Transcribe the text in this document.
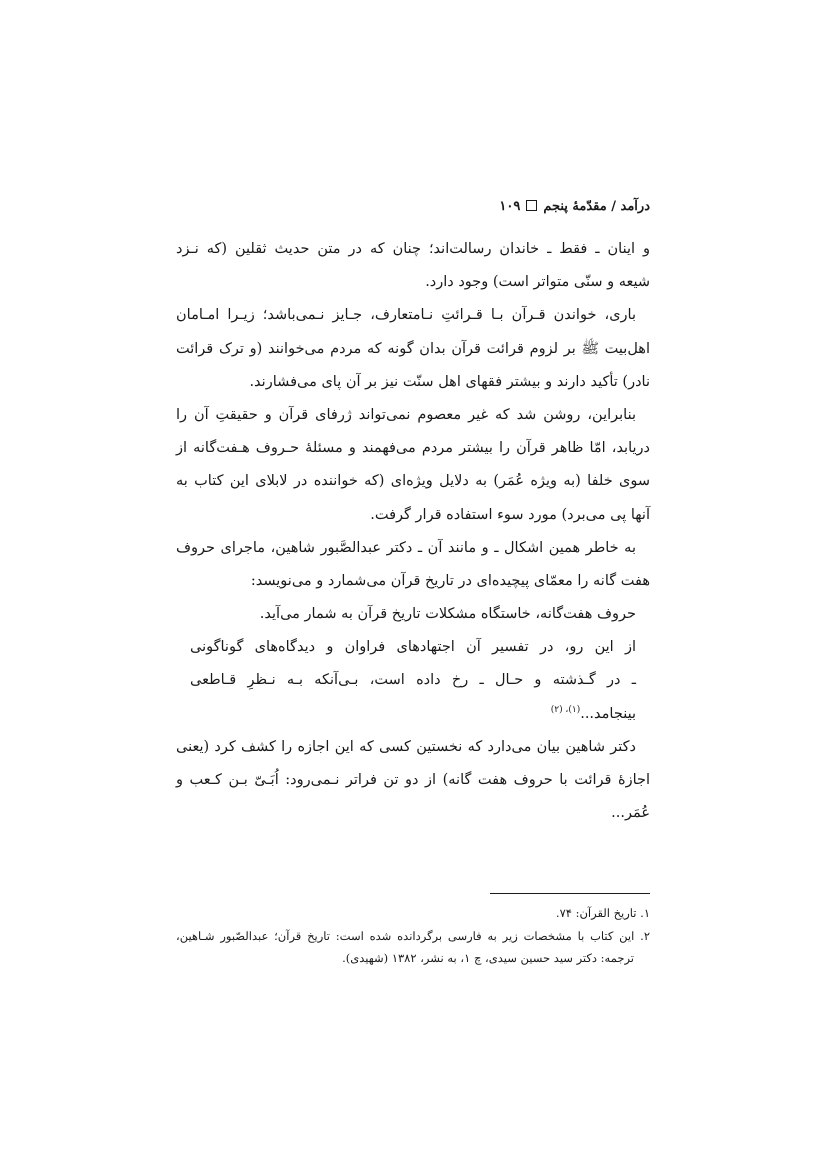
درآمد / مقدّمهٔ پنجم۱۰۹
و اینان ـ فقط ـ خاندان رسالت‌اند؛ چنان که در متن حدیث ثقلین (که نـزد
شیعه و سنّی متواتر است) وجود دارد.
باری، خواندن قـرآن بـا قـرائتِ نـامتعارف، جـایز نـمی‌باشد؛ زیـرا امـامان
اهل‌بیت ﷺ بر لزوم قرائت قرآن بدان گونه که مردم می‌خوانند (و ترک قرائت
نادر) تأکید دارند و بیشتر فقهای اهل سنّت نیز بر آن پای می‌فشارند.
بنابراین، روشن شد که غیر معصوم نمی‌تواند ژرفای قرآن و حقیقتِ آن را
دریابد، امّا ظاهر قرآن را بیشتر مردم می‌فهمند و مسئلهٔ حـروف هـفت‌گانه از
سوی خلفا (به ویژه عُمَر) به دلایل ویژه‌ای (که خواننده در لابلای این کتاب به
آنها پی می‌برد) مورد سوء استفاده قرار گرفت.
به خاطر همین اشکال ـ و مانند آن ـ دکتر عبدالصَّبور شاهین، ماجرای حروف
هفت گانه را معمّای پیچیده‌ای در تاریخ قرآن می‌شمارد و می‌نویسد:
حروف هفت‌گانه، خاستگاه مشکلات تاریخ قرآن به شمار می‌آید.
از این رو، در تفسیر آن اجتهادهای فراوان و دیدگاه‌های گوناگونی
ـ در گـذشته و حـال ـ رخ داده است، بـی‌آنکه بـه نـظرِ قـاطعی
بینجامد...$^{(۱)، (۲)}$
دکتر شاهین بیان می‌دارد که نخستین کسی که این اجازه را کشف کرد (یعنی
اجازهٔ قرائت با حروف هفت گانه) از دو تن فراتر نـمی‌رود: اُبَـیّ بـن کـعب و
عُمَر...
۱. تاریخ القرآن: ۷۴.
۲. این کتاب با مشخصات زیر به فارسی برگردانده شده است: تاریخ قرآن؛ عبدالصّبور شـاهین،
ترجمه: دکتر سید حسین سیدی، چ ۱، به نشر، ۱۳۸۲ (شهیدی).
